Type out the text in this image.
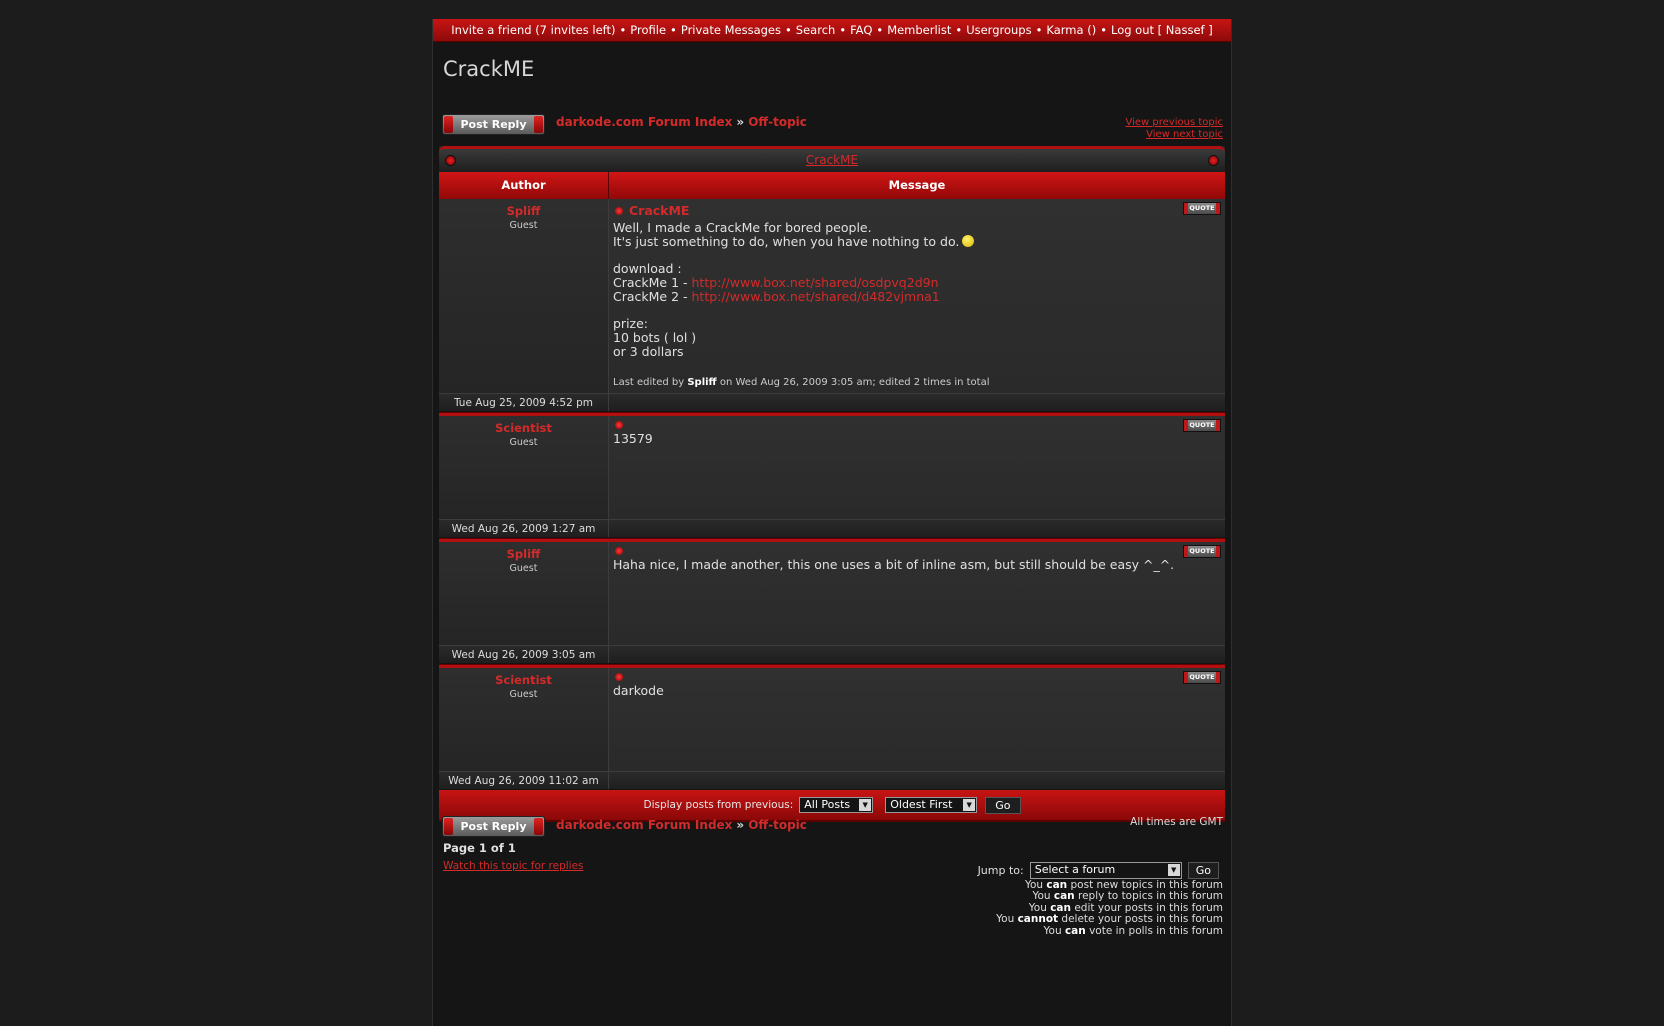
Invite a friend (7 invites left) • Profile • Private Messages • Search • FAQ • Memberlist • Usergroups • Karma () • Log out [ Nassef ]
CrackME
Post Reply	darkode.com Forum Index » Off-topic	View previous topic
View next topic
CrackME
Author	Message
Spliff
Guest
QUOTE
CrackME

Well, I made a CrackMe for bored people.

It's just something to do, when you have nothing to do.

download :

CrackMe 1 - http://www.box.net/shared/osdpvq2d9n

CrackMe 2 - http://www.box.net/shared/d482vjmna1

prize:

10 bots ( lol )

or 3 dollars

Last edited by Spliff on Wed Aug 26, 2009 3:05 am; edited 2 times in total
Tue Aug 25, 2009 4:52 pm
Scientist
Guest
QUOTE

13579

Wed Aug 26, 2009 1:27 am
Spliff
Guest
QUOTE

Haha nice, I made another, this one uses a bit of inline asm, but still should be easy ^_^.

Wed Aug 26, 2009 3:05 am
Scientist
Guest
QUOTE

darkode

Wed Aug 26, 2009 11:02 am
Display posts from previous:	All Posts	▼	Oldest First	▼	Go
Post Reply	darkode.com Forum Index » Off-topic	All times are GMT
Page 1 of 1
Watch this topic for replies	Jump to:	Select a forum	▼	Go
You can post new topics in this forum
You can reply to topics in this forum
You can edit your posts in this forum
You cannot delete your posts in this forum
You can vote in polls in this forum
